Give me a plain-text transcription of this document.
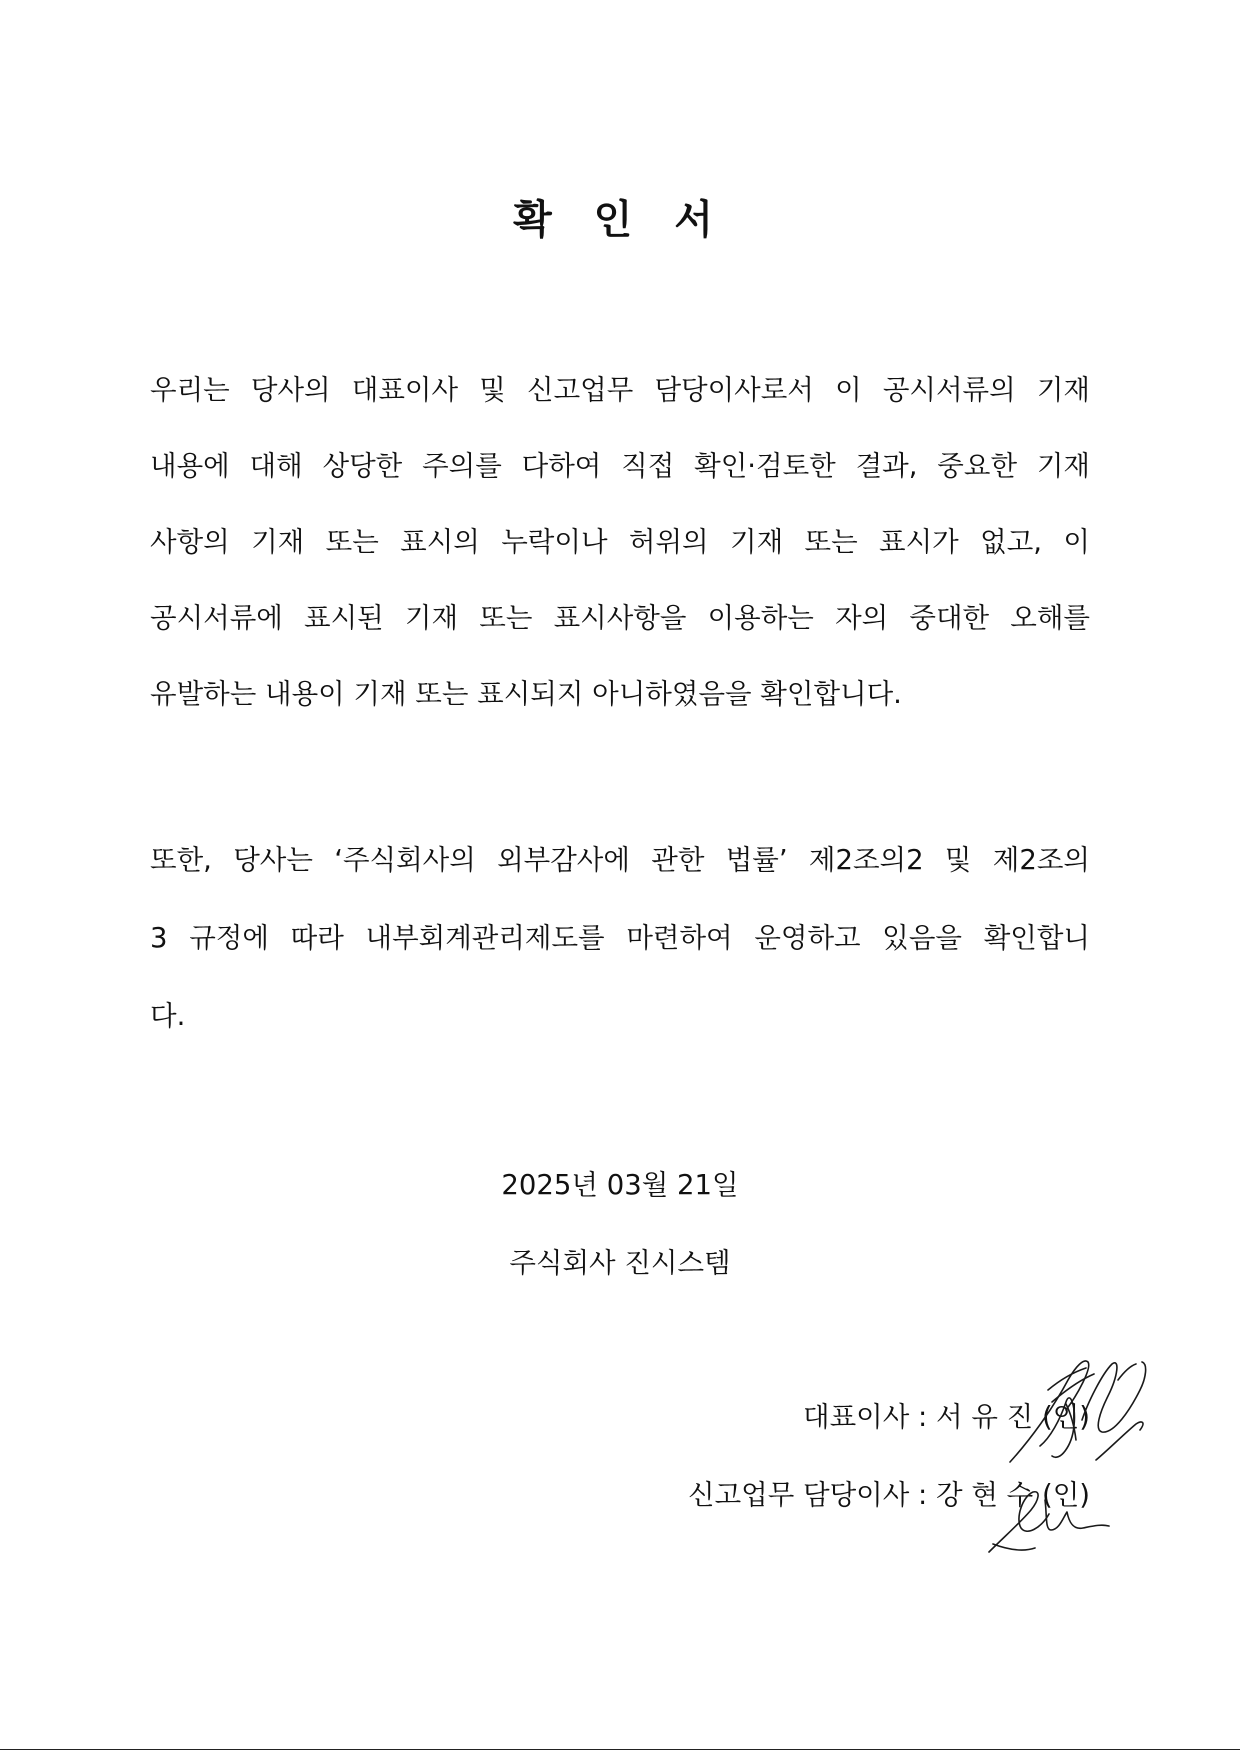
확 인 서
우리는 당사의 대표이사 및 신고업무 담당이사로서 이 공시서류의 기재
내용에 대해 상당한 주의를 다하여 직접 확인·검토한 결과, 중요한 기재
사항의 기재 또는 표시의 누락이나 허위의 기재 또는 표시가 없고, 이
공시서류에 표시된 기재 또는 표시사항을 이용하는 자의 중대한 오해를
유발하는 내용이 기재 또는 표시되지 아니하였음을 확인합니다.
또한, 당사는 ‘주식회사의 외부감사에 관한 법률’ 제2조의2 및 제2조의
3 규정에 따라 내부회계관리제도를 마련하여 운영하고 있음을 확인합니
다.
2025년 03월 21일
주식회사 진시스템
대표이사 : 서 유 진 (인)
신고업무 담당이사 : 강 현 수 (인)
